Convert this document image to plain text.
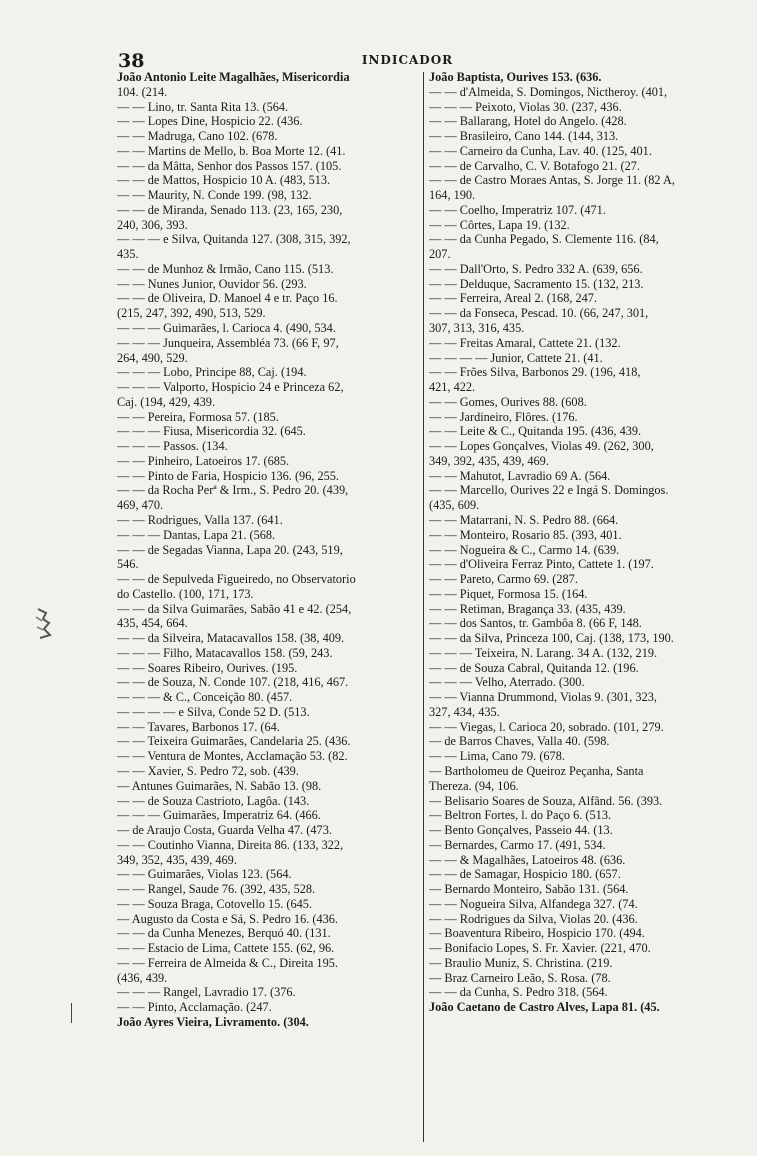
38	INDICADOR
João Antonio Leite Magalhães, Misericordia
104. (214.
— — Lino, tr. Santa Rita 13. (564.
— — Lopes Dine, Hospicio 22. (436.
— — Madruga, Cano 102. (678.
— — Martins de Mello, b. Boa Morte 12. (41.
— — da Mâtta, Senhor dos Passos 157. (105.
— — de Mattos, Hospicio 10 A. (483, 513.
— — Maurity, N. Conde 199. (98, 132.
— — de Miranda, Senado 113. (23, 165, 230,
240, 306, 393.
— — — e Silva, Quitanda 127. (308, 315, 392,
435.
— — de Munhoz & Irmão, Cano 115. (513.
— — Nunes Junior, Ouvidor 56. (293.
— — de Oliveira, D. Manoel 4 e tr. Paço 16.
(215, 247, 392, 490, 513, 529.
— — — Guimarães, l. Carioca 4. (490, 534.
— — — Junqueira, Assembléa 73. (66 F, 97,
264, 490, 529.
— — — Lobo, Principe 88, Caj. (194.
— — — Valporto, Hospicio 24 e Princeza 62,
Caj. (194, 429, 439.
— — Pereira, Formosa 57. (185.
— — — Fiusa, Misericordia 32. (645.
— — — Passos. (134.
— — Pinheiro, Latoeiros 17. (685.
— — Pinto de Faria, Hospicio 136. (96, 255.
— — da Rocha Perª & Irm., S. Pedro 20. (439,
469, 470.
— — Rodrigues, Valla 137. (641.
— — — Dantas, Lapa 21. (568.
— — de Segadas Vianna, Lapa 20. (243, 519,
546.
— — de Sepulveda Figueiredo, no Observatorio
do Castello. (100, 171, 173.
— — da Silva Guimarães, Sabão 41 e 42. (254,
435, 454, 664.
— — da Silveira, Matacavallos 158. (38, 409.
— — — Filho, Matacavallos 158. (59, 243.
— — Soares Ribeiro, Ourives. (195.
— — de Souza, N. Conde 107. (218, 416, 467.
— — — & C., Conceição 80. (457.
— — — — e Silva, Conde 52 D. (513.
— — Tavares, Barbonos 17. (64.
— — Teixeira Guimarães, Candelaria 25. (436.
— — Ventura de Montes, Acclamação 53. (82.
— — Xavier, S. Pedro 72, sob. (439.
— Antunes Guimarães, N. Sabão 13. (98.
— — de Souza Castrioto, Lagôa. (143.
— — — Guimarães, Imperatriz 64. (466.
— de Araujo Costa, Guarda Velha 47. (473.
— — Coutinho Vianna, Direita 86. (133, 322,
349, 352, 435, 439, 469.
— — Guimarães, Violas 123. (564.
— — Rangel, Saude 76. (392, 435, 528.
— — Souza Braga, Cotovello 15. (645.
— Augusto da Costa e Sá, S. Pedro 16. (436.
— — da Cunha Menezes, Berquó 40. (131.
— — Estacio de Lima, Cattete 155. (62, 96.
— — Ferreira de Almeida & C., Direita 195.
(436, 439.
— — — Rangel, Lavradio 17. (376.
— — Pinto, Acclamação. (247.
João Ayres Vieira, Livramento. (304.
João Baptista, Ourives 153. (636.
— — d'Almeida, S. Domingos, Nictheroy. (401,
— — — Peixoto, Violas 30. (237, 436.
— — Ballarang, Hotel do Angelo. (428.
— — Brasileiro, Cano 144. (144, 313.
— — Carneiro da Cunha, Lav. 40. (125, 401.
— — de Carvalho, C. V. Botafogo 21. (27.
— — de Castro Moraes Antas, S. Jorge 11. (82 A,
164, 190.
— — Coelho, Imperatriz 107. (471.
— — Côrtes, Lapa 19. (132.
— — da Cunha Pegado, S. Clemente 116. (84,
207.
— — Dall'Orto, S. Pedro 332 A. (639, 656.
— — Delduque, Sacramento 15. (132, 213.
— — Ferreira, Areal 2. (168, 247.
— — da Fonseca, Pescad. 10. (66, 247, 301,
307, 313, 316, 435.
— — Freitas Amaral, Cattete 21. (132.
— — — — Junior, Cattete 21. (41.
— — Frões Silva, Barbonos 29. (196, 418,
421, 422.
— — Gomes, Ourives 88. (608.
— — Jardineiro, Flôres. (176.
— — Leite & C., Quitanda 195. (436, 439.
— — Lopes Gonçalves, Violas 49. (262, 300,
349, 392, 435, 439, 469.
— — Mahutot, Lavradio 69 A. (564.
— — Marcello, Ourives 22 e Ingá S. Domingos.
(435, 609.
— — Matarrani, N. S. Pedro 88. (664.
— — Monteiro, Rosario 85. (393, 401.
— — Nogueira & C., Carmo 14. (639.
— — d'Oliveira Ferraz Pinto, Cattete 1. (197.
— — Pareto, Carmo 69. (287.
— — Piquet, Formosa 15. (164.
— — Retiman, Bragança 33. (435, 439.
— — dos Santos, tr. Gambôa 8. (66 F, 148.
— — da Silva, Princeza 100, Caj. (138, 173, 190.
— — — Teixeira, N. Larang. 34 A. (132, 219.
— — de Souza Cabral, Quitanda 12. (196.
— — — Velho, Aterrado. (300.
— — Vianna Drummond, Violas 9. (301, 323,
327, 434, 435.
— — Viegas, l. Carioca 20, sobrado. (101, 279.
— de Barros Chaves, Valla 40. (598.
— — Lima, Cano 79. (678.
— Bartholomeu de Queiroz Peçanha, Santa
Thereza. (94, 106.
— Belisario Soares de Souza, Alfând. 56. (393.
— Beltron Fortes, l. do Paço 6. (513.
— Bento Gonçalves, Passeio 44. (13.
— Bernardes, Carmo 17. (491, 534.
— — & Magalhães, Latoeiros 48. (636.
— — de Samagar, Hospicio 180. (657.
— Bernardo Monteiro, Sabão 131. (564.
— — Nogueira Silva, Alfandega 327. (74.
— — Rodrigues da Silva, Violas 20. (436.
— Boaventura Ribeiro, Hospicio 170. (494.
— Bonifacio Lopes, S. Fr. Xavier. (221, 470.
— Braulio Muniz, S. Christina. (219.
— Braz Carneiro Leão, S. Rosa. (78.
— — da Cunha, S. Pedro 318. (564.
João Caetano de Castro Alves, Lapa 81. (45.
